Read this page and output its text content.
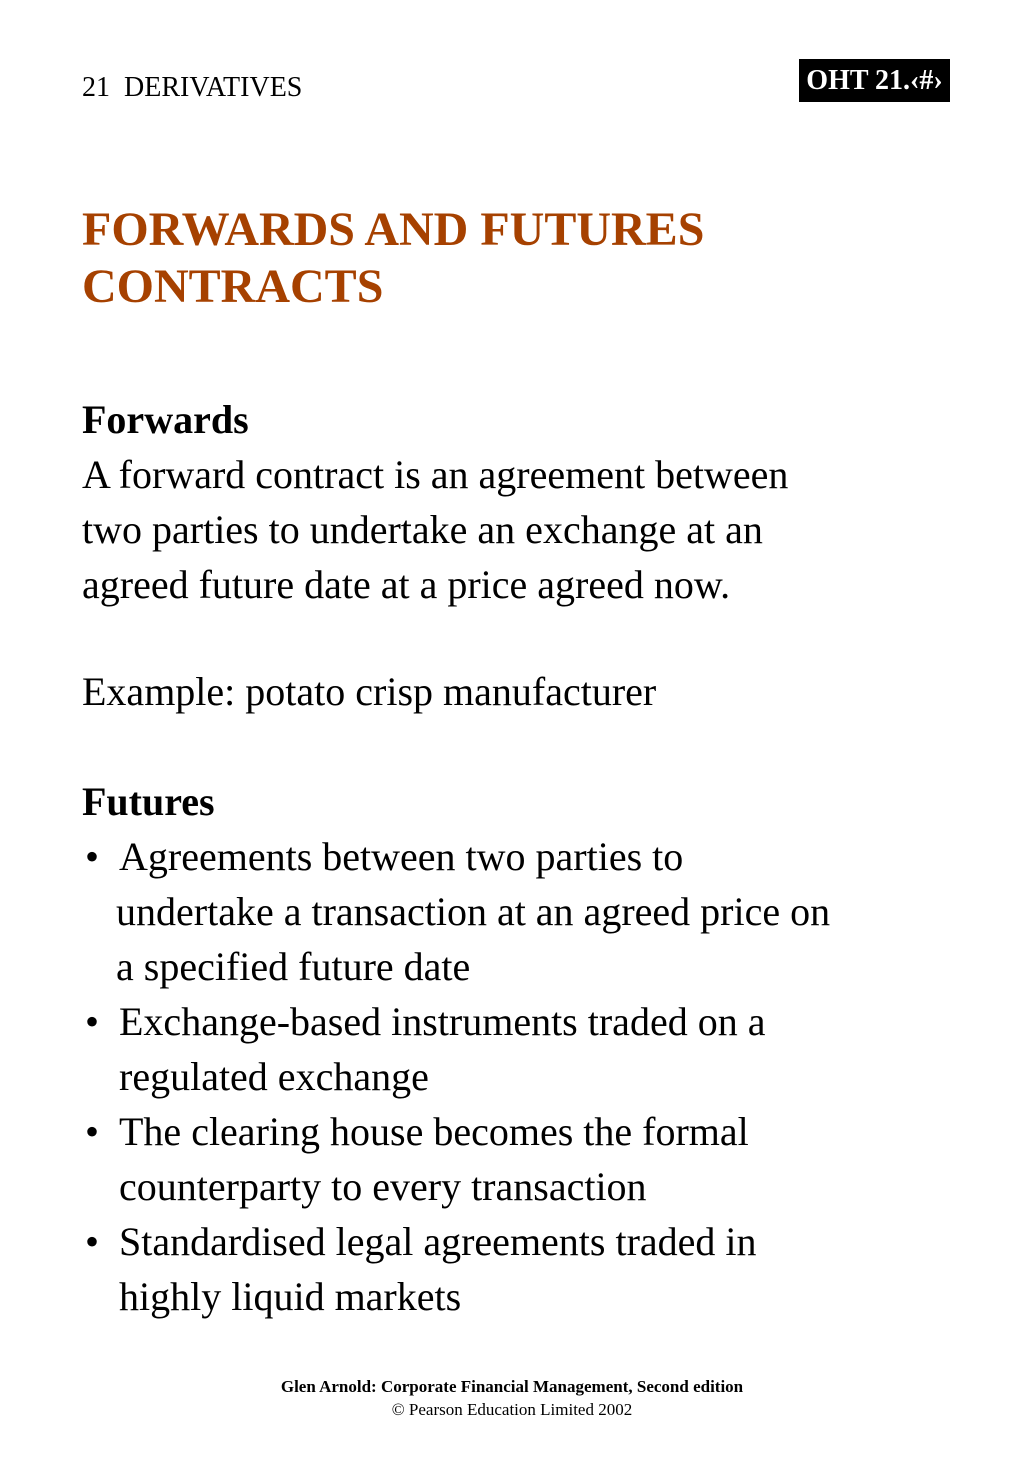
21  DERIVATIVES	OHT 21.‹#›
FORWARDS AND FUTURES
CONTRACTS
Forwards
A forward contract is an agreement between
two parties to undertake an exchange at an
agreed future date at a price agreed now.
Example: potato crisp manufacturer
Futures
• Agreements between two parties to
undertake a transaction at an agreed price on
a specified future date
• Exchange-based instruments traded on a
regulated exchange
• The clearing house becomes the formal
counterparty to every transaction
• Standardised legal agreements traded in
highly liquid markets
Glen Arnold: Corporate Financial Management, Second edition
© Pearson Education Limited 2002
